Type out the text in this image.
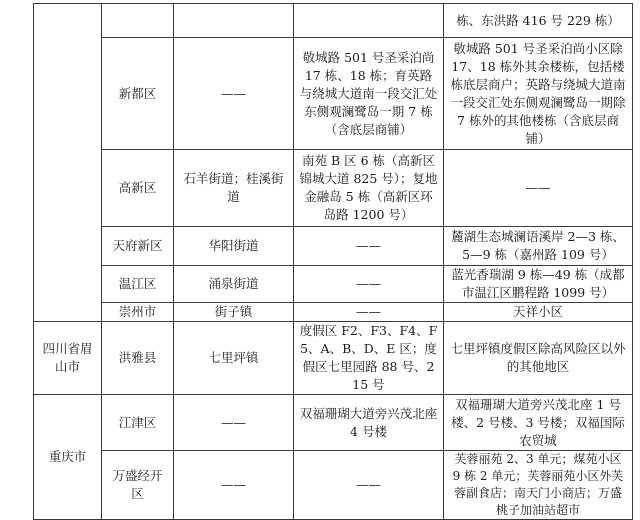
				栋、东洪路 416 号 229 栋）
	新都区	——	敬城路 501 号圣采泊尚 17 栋、18 栋；育英路与绕城大道南一段交汇处东侧观澜鹭岛一期 7 栋（含底层商铺）	敬城路 501 号圣采泊尚小区除 17、18 栋外其余楼栋，包括楼栋底层商户；英路与绕城大道南一段交汇处东侧观澜鹭岛一期除 7 栋外的其他楼栋（含底层商铺）
	高新区	石羊街道；桂溪街道	南苑 B 区 6 栋（高新区锦城大道 825 号）；复地金融岛 5 栋（高新区环岛路 1200 号）	——
	天府新区	华阳街道	——	麓湖生态城澜语溪岸 2—3 栋、5—9 栋（嘉州路 109 号）
	温江区	涌泉街道	——	蓝光香瑞湖 9 栋—49 栋（成都市温江区鹏程路 1099 号）
	崇州市	街子镇	——	天祥小区
四川省眉山市	洪雅县	七里坪镇	度假区 F2、F3、F4、F5、A、B、D、E 区；度假区七里园路 88 号、215 号	七里坪镇度假区除高风险区以外的其他地区
重庆市	江津区	——	双福珊瑚大道旁兴茂北座 4 号楼	双福珊瑚大道旁兴茂北座 1 号楼、2 号楼、3 号楼；双福国际农贸城
	万盛经开区	——	——	芙蓉丽苑 2、3 单元；煤苑小区 9 栋 2 单元；芙蓉丽苑小区外芙蓉副食店；南天门小商店；万盛桃子加油站超市
